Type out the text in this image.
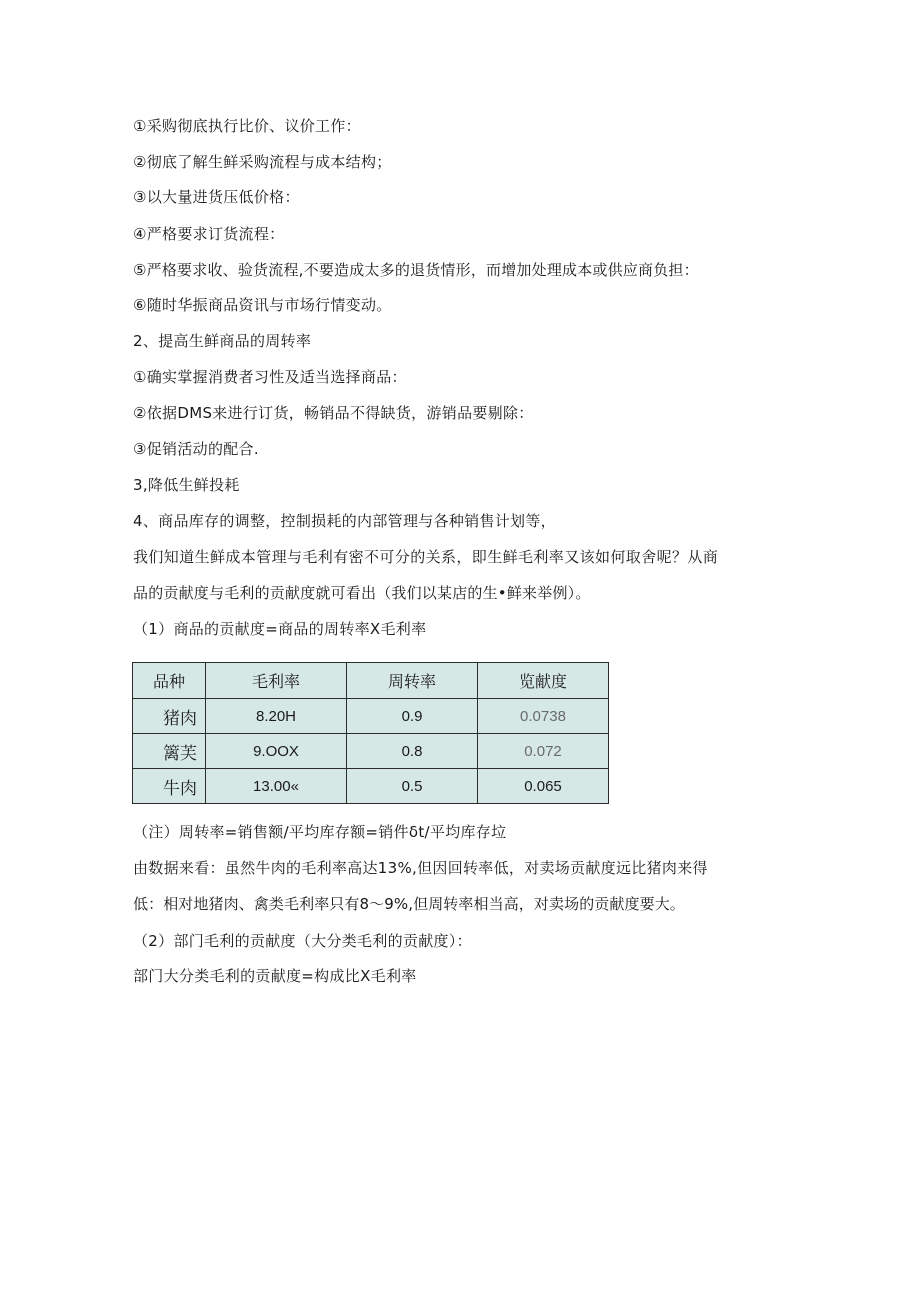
①采购彻底执行比价、议价工作：
②彻底了解生鲜采购流程与成本结构；
③以大量进货压低价格：
④严格要求订货流程：
⑤严格要求收、验货流程,不要造成太多的退货情形，而增加处理成本或供应商负担：
⑥随时华振商品资讯与市场行情变动。
2、提高生鲜商品的周转率
①确实掌握消费者习性及适当选择商品：
②依据DMS来进行订货，畅销品不得缺货，游销品要剔除：
③促销活动的配合.
3,降低生鲜投耗
4、商品库存的调整，控制损耗的内部管理与各种销售计划等，
我们知道生鲜成本管理与毛利有密不可分的关系，即生鲜毛利率又该如何取舍呢？从商
品的贡献度与毛利的贡献度就可看出（我们以某店的生•鲜来举例）。
（1）商品的贡献度=商品的周转率X毛利率
品种	毛利率	周转率	览献度
猪肉	8.20H	0.9	0.0738
篱芙	9.OOX	0.8	0.072
牛肉	13.00«	0.5	0.065
（注）周转率=销售额/平均库存额=销件δt∕平均库存垃
由数据来看：虽然牛肉的毛利率高达13%,但因回转率低，对卖场贡献度远比猪肉来得
低：相对地猪肉、禽类毛利率只有8～9%,但周转率相当高，对卖场的贡献度要大。
（2）部门毛利的贡献度（大分类毛利的贡献度）：
部门大分类毛利的贡献度=构成比X毛利率
